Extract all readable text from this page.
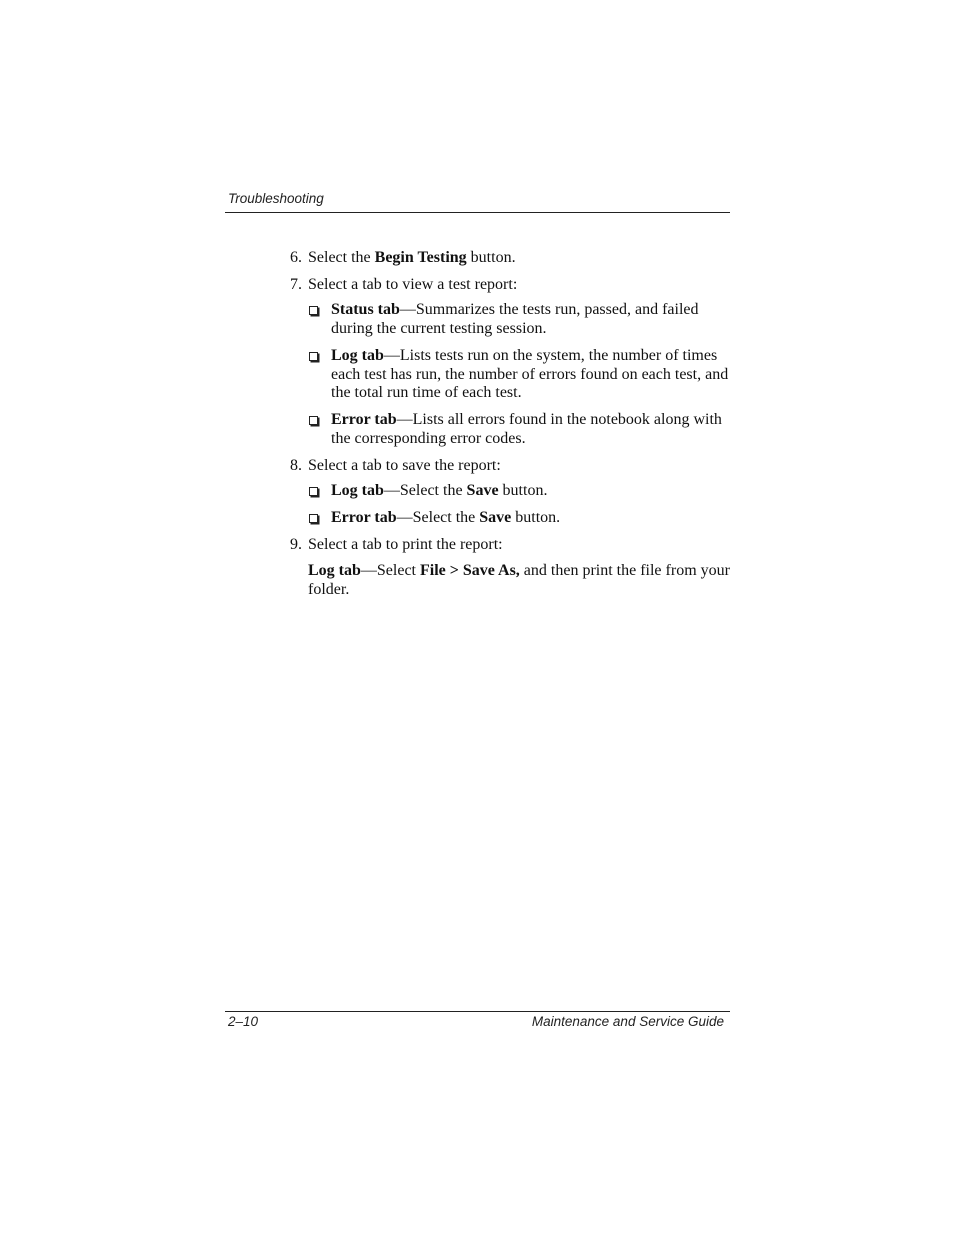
Troubleshooting
6. Select the Begin Testing button.
7. Select a tab to view a test report:
Status tab—Summarizes the tests run, passed, and failed during the current testing session.
Log tab—Lists tests run on the system, the number of times each test has run, the number of errors found on each test, and the total run time of each test.
Error tab—Lists all errors found in the notebook along with the corresponding error codes.
8. Select a tab to save the report:
Log tab—Select the Save button.
Error tab—Select the Save button.
9. Select a tab to print the report:
Log tab—Select File > Save As, and then print the file from your folder.
2–10	Maintenance and Service Guide
